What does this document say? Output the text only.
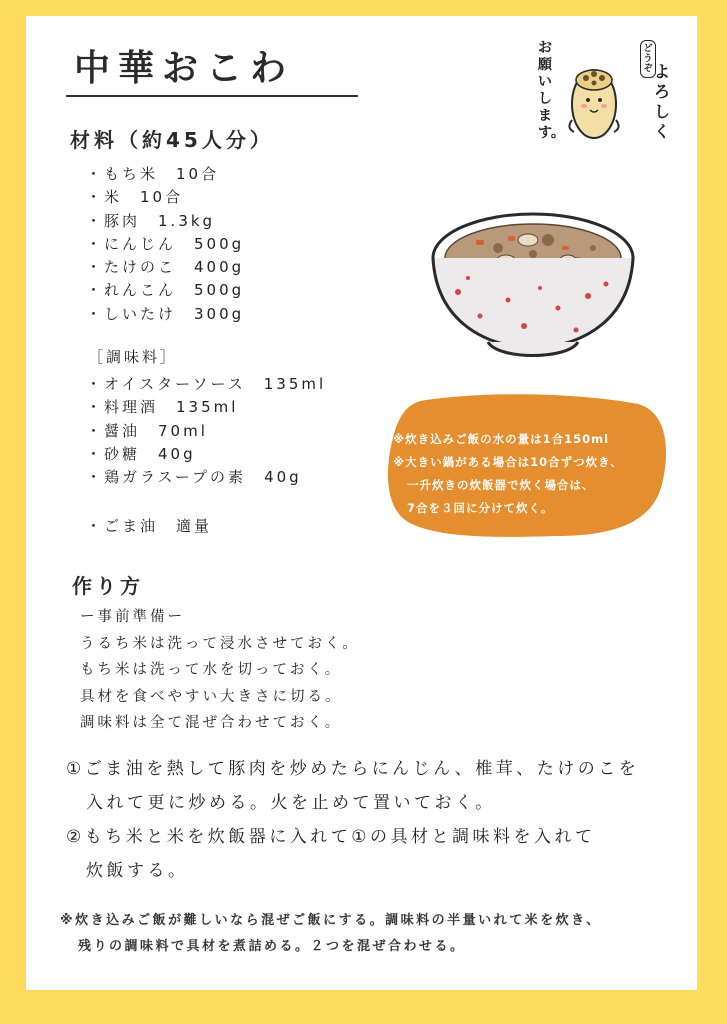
中華おこわ
材料（約45人分）
・もち米 10合
・米 10合
・豚肉 1.3kg
・にんじん 500g
・たけのこ 400g
・れんこん 500g
・しいたけ 300g
［調味料］
・オイスターソース 135ml
・料理酒 135ml
・醤油 70ml
・砂糖 40g
・鶏ガラスープの素 40g
・ごま油 適量
作り方
ー事前準備ー
うるち米は洗って浸水させておく。
もち米は洗って水を切っておく。
具材を食べやすい大きさに切る。
調味料は全て混ぜ合わせておく。
①ごま油を熱して豚肉を炒めたらにんじん、椎茸、たけのこを
入れて更に炒める。火を止めて置いておく。
②もち米と米を炊飯器に入れて①の具材と調味料を入れて
炊飯する。
※炊き込みご飯が難しいなら混ぜご飯にする。調味料の半量いれて米を炊き、
残りの調味料で具材を煮詰める。２つを混ぜ合わせる。
※炊き込みご飯の水の量は1合150ml
※大きい鍋がある場合は10合ずつ炊き、
一升炊きの炊飯器で炊く場合は、
7合を３回に分けて炊く。
どうぞ よろしく
お願いします。
